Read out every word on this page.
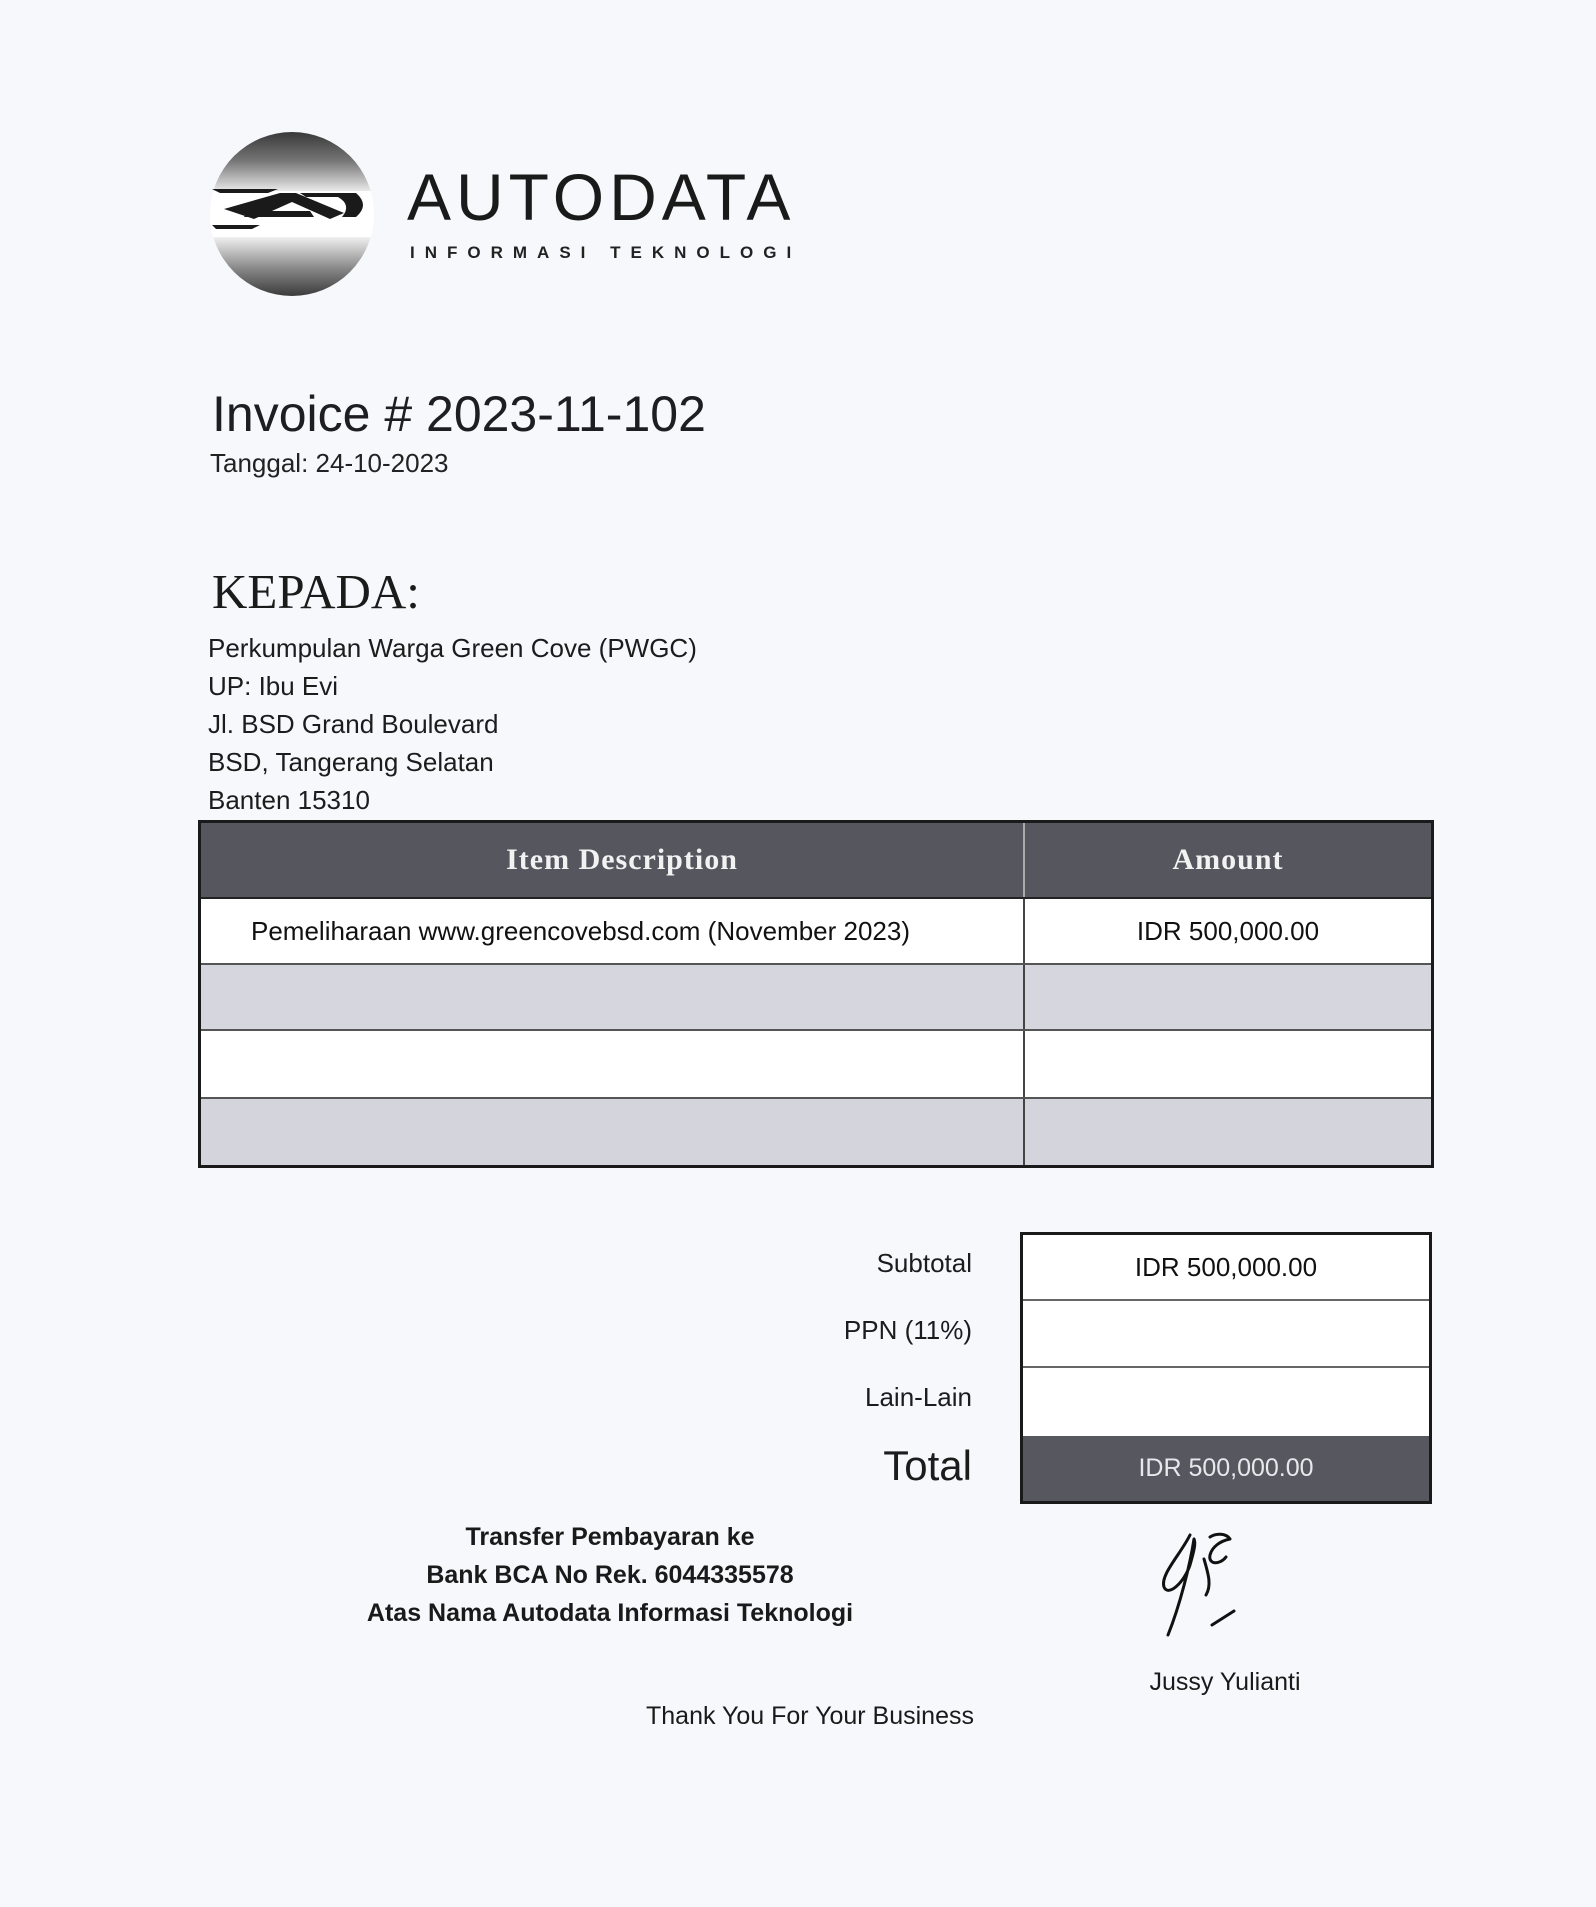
AUTODATA
INFORMASI TEKNOLOGI
Invoice # 2023-11-102
Tanggal: 24-10-2023
KEPADA:
Perkumpulan Warga Green Cove (PWGC)
UP: Ibu Evi
Jl. BSD Grand Boulevard
BSD, Tangerang Selatan
Banten 15310
Item Description	Amount
Pemeliharaan www.greencovebsd.com (November 2023)	IDR 500,000.00
Subtotal
PPN (11%)
Lain-Lain
Total
IDR 500,000.00
IDR 500,000.00
Transfer Pembayaran ke
Bank BCA No Rek. 6044335578
Atas Nama Autodata Informasi Teknologi
Jussy Yulianti
Thank You For Your Business
